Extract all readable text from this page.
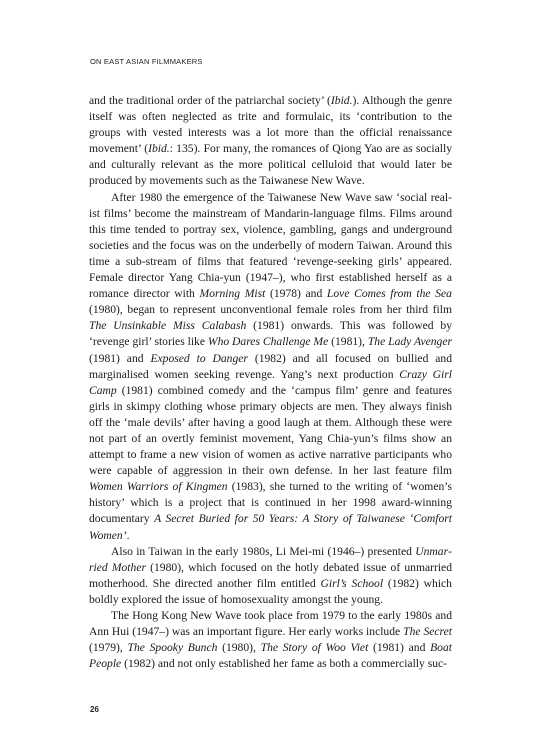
ON EAST ASIAN FILMMAKERS

and the traditional order of the patriarchal society’ (Ibid.). Although the genre itself was often neglected as trite and formulaic, its ‘contribution to the groups with vested interests was a lot more than the official renaissance movement’ (Ibid.: 135). For many, the romances of Qiong Yao are as socially and culturally relevant as the more political celluloid that would later be produced by movements such as the Taiwanese New Wave.

After 1980 the emergence of the Taiwanese New Wave saw ‘social realist films’ become the mainstream of Mandarin-language films. Films around this time tended to portray sex, violence, gambling, gangs and underground societies and the focus was on the underbelly of modern Taiwan. Around this time a sub-stream of films that featured ‘revenge-seeking girls’ appeared. Female director Yang Chia-yun (1947–), who first established herself as a romance director with Morning Mist (1978) and Love Comes from the Sea (1980), began to represent unconventional female roles from her third film The Unsinkable Miss Calabash (1981) onwards. This was followed by ‘revenge girl’ stories like Who Dares Challenge Me (1981), The Lady Avenger (1981) and Exposed to Danger (1982) and all focused on bullied and marginalised women seeking revenge. Yang’s next production Crazy Girl Camp (1981) combined comedy and the ‘campus film’ genre and features girls in skimpy clothing whose primary objects are men. They always finish off the ‘male devils’ after having a good laugh at them. Although these were not part of an overtly feminist movement, Yang Chia-yun’s films show an attempt to frame a new vision of women as active narrative participants who were capable of aggression in their own defense. In her last feature film Women Warriors of Kingmen (1983), she turned to the writing of ‘women’s history’ which is a project that is continued in her 1998 award-winning documentary A Secret Buried for 50 Years: A Story of Taiwanese ‘Comfort Women’.

Also in Taiwan in the early 1980s, Li Mei-mi (1946–) presented Unmarried Mother (1980), which focused on the hotly debated issue of unmarried motherhood. She directed another film entitled Girl’s School (1982) which boldly explored the issue of homosexuality amongst the young.

The Hong Kong New Wave took place from 1979 to the early 1980s and Ann Hui (1947–) was an important figure. Her early works include The Secret (1979), The Spooky Bunch (1980), The Story of Woo Viet (1981) and Boat People (1982) and not only established her fame as both a commercially suc-

26
